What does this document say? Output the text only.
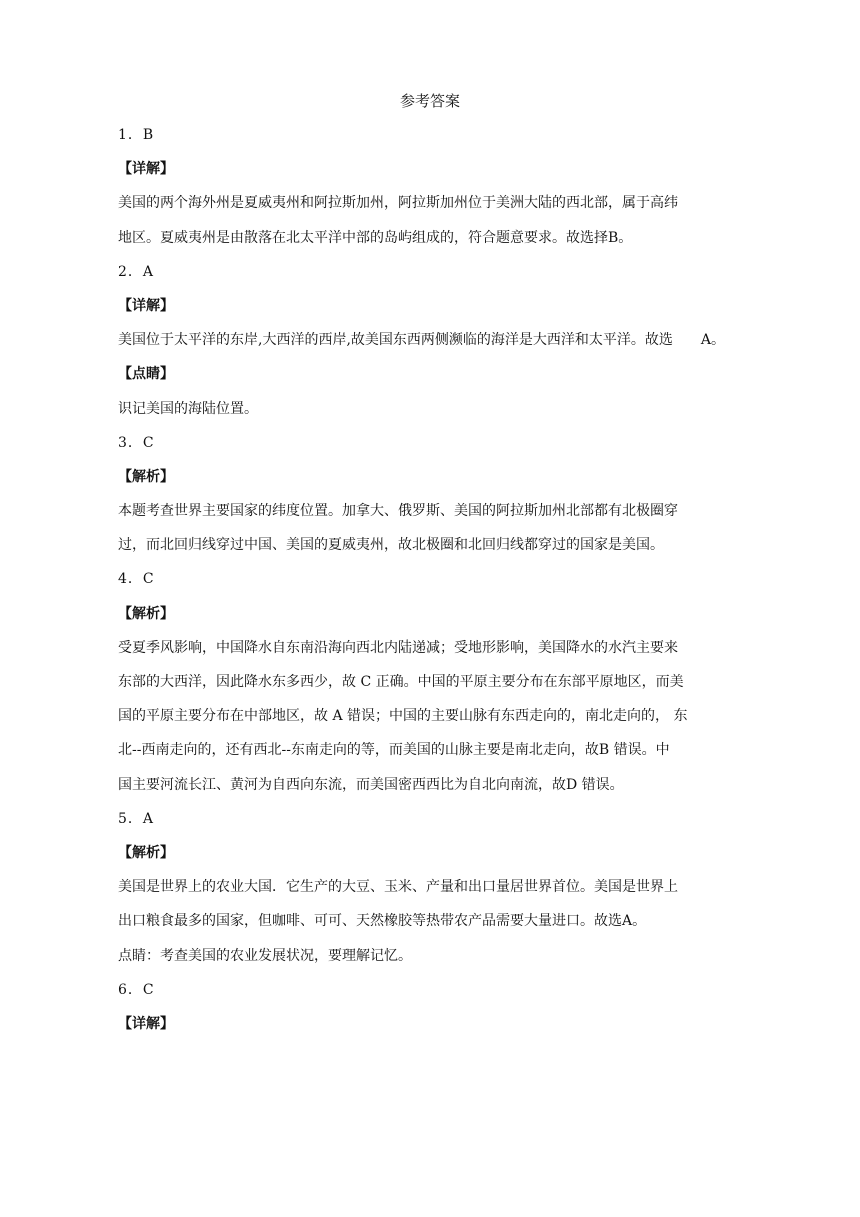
参考答案
1．B
【详解】
美国的两个海外州是夏威夷州和阿拉斯加州，阿拉斯加州位于美洲大陆的西北部，属于高纬
地区。夏威夷州是由散落在北太平洋中部的岛屿组成的，符合题意要求。故选择B。
2．A
【详解】
美国位于太平洋的东岸,大西洋的西岸,故美国东西两侧濒临的海洋是大西洋和太平洋。故选　　A。
【点睛】
识记美国的海陆位置。
3．C
【解析】
本题考查世界主要国家的纬度位置。加拿大、俄罗斯、美国的阿拉斯加州北部都有北极圈穿
过，而北回归线穿过中国、美国的夏威夷州，故北极圈和北回归线都穿过的国家是美国。
4．C
【解析】
受夏季风影响，中国降水自东南沿海向西北内陆递减；受地形影响，美国降水的水汽主要来
东部的大西洋，因此降水东多西少，故 C 正确。中国的平原主要分布在东部平原地区，而美
国的平原主要分布在中部地区，故 A 错误；中国的主要山脉有东西走向的，南北走向的， 东
北--西南走向的，还有西北--东南走向的等，而美国的山脉主要是南北走向，故B 错误。中
国主要河流长江、黄河为自西向东流，而美国密西西比为自北向南流，故D 错误。
5．A
【解析】
美国是世界上的农业大国．它生产的大豆、玉米、产量和出口量居世界首位。美国是世界上
出口粮食最多的国家，但咖啡、可可、天然橡胶等热带农产品需要大量进口。故选A。
点睛：考查美国的农业发展状况，要理解记忆。
6．C
【详解】
